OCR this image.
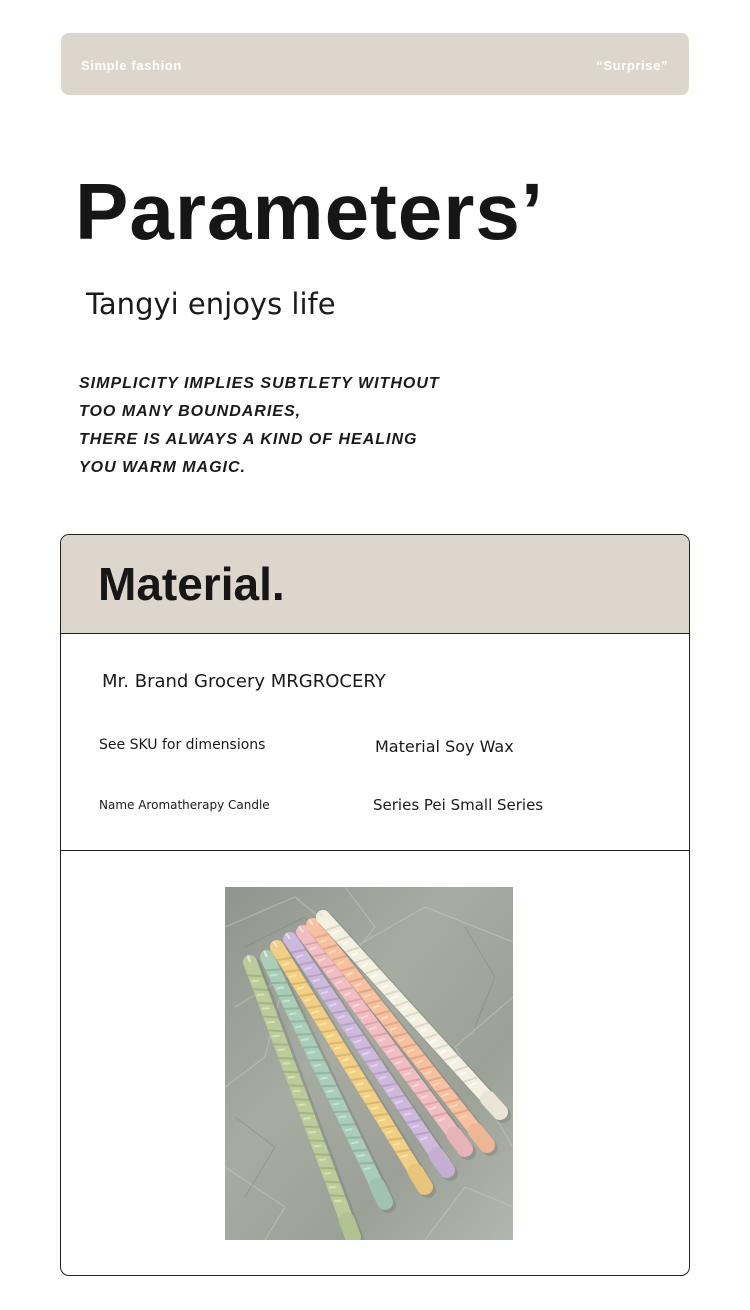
Simple fashion	“Surprise”
Parameters’
Tangyi enjoys life
SIMPLICITY IMPLIES SUBTLETY WITHOUT
TOO MANY BOUNDARIES,
THERE IS ALWAYS A KIND OF HEALING
YOU WARM MAGIC.
Material.
Mr. Brand Grocery MRGROCERY
See SKU for dimensions	Material Soy Wax
Name Aromatherapy Candle	Series Pei Small Series
